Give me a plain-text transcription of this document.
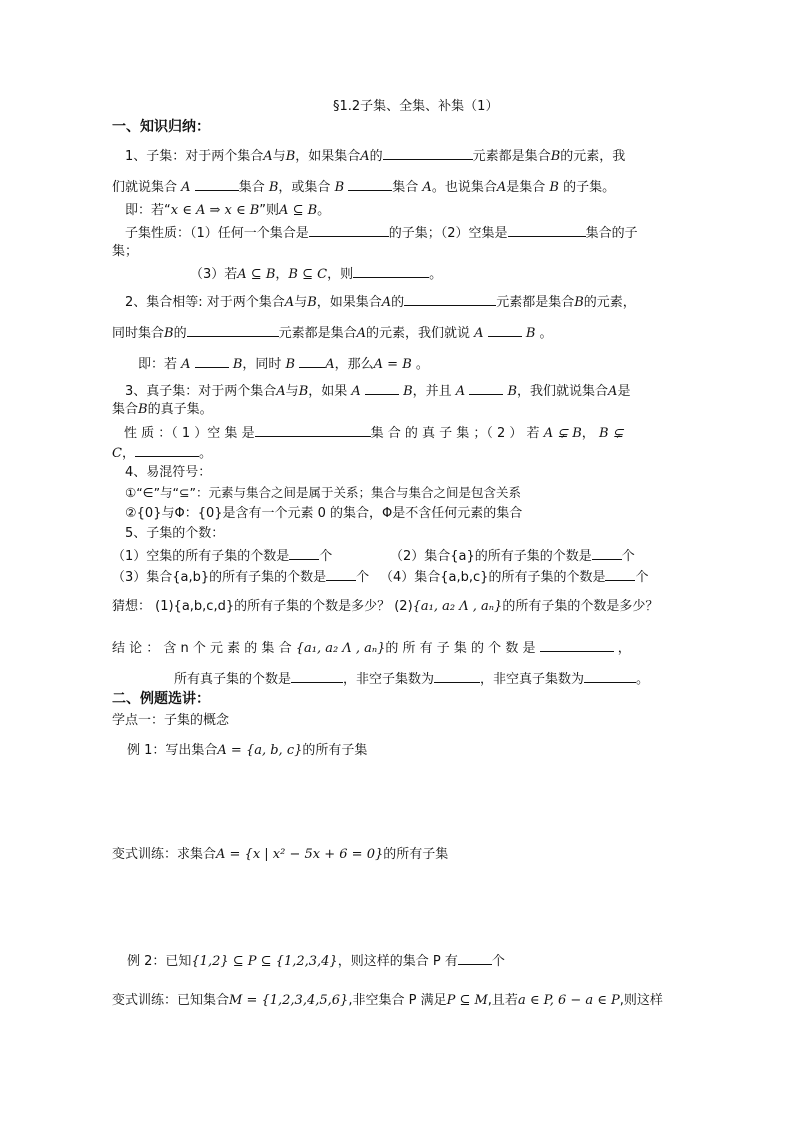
§1.2子集、全集、补集（1）
一、知识归纳：
1、子集：对于两个集合A与B，如果集合A的	元素都是集合B的元素，我
们就说集合 A	集合 B，或集合 B	集合 A。也说集合A是集合 B 的子集。
即：若“x ∈ A ⇒ x ∈ B”则A ⊆ B。
子集性质：（1）任何一个集合是	的子集；（2）空集是	集合的子
集；
（3）若A ⊆ B，B ⊆ C，则	。
2、集合相等: 对于两个集合A与B，如果集合A的	元素都是集合B的元素，
同时集合B的	元素都是集合A的元素，我们就说 A	B 。
即：若 A	B，同时 B A，那么A = B 。
3、真子集：对于两个集合A与B，如果 A	B，并且 A	B，我们就说集合A是
集合B的真子集。
性 质 ：（ 1 ）空 集 是	集 合 的 真 子 集 ；（ 2 ） 若 A ⊊ B， B ⊊
C，	。
4、易混符号：
①“∈”与“⊆”：元素与集合之间是属于关系；集合与集合之间是包含关系
②{0}与Φ：{0}是含有一个元素 0 的集合，Φ是不含任何元素的集合
5、子集的个数：
（1）空集的所有子集的个数是 个	（2）集合{a}的所有子集的个数是 个
（3）集合{a,b}的所有子集的个数是 个 （4）集合{a,b,c}的所有子集的个数是 个
猜想： (1){a,b,c,d}的所有子集的个数是多少？ (2){a₁, a₂ Λ , aₙ}的所有子集的个数是多少？
结 论 ： 含 n 个 元 素 的 集 合 {a₁, a₂ Λ , aₙ}的 所 有 子 集 的 个 数 是	，
所有真子集的个数是	，非空子集数为	，非空真子集数为	。
二、例题选讲：
学点一：子集的概念
例 1：写出集合A = {a, b, c}的所有子集
变式训练：求集合A = {x | x² − 5x + 6 = 0}的所有子集
例 2：已知{1,2} ⊆ P ⊆ {1,2,3,4}，则这样的集合 P 有	个
变式训练：已知集合M = {1,2,3,4,5,6},非空集合 P 满足P ⊆ M,且若a ∈ P, 6 − a ∈ P,则这样
